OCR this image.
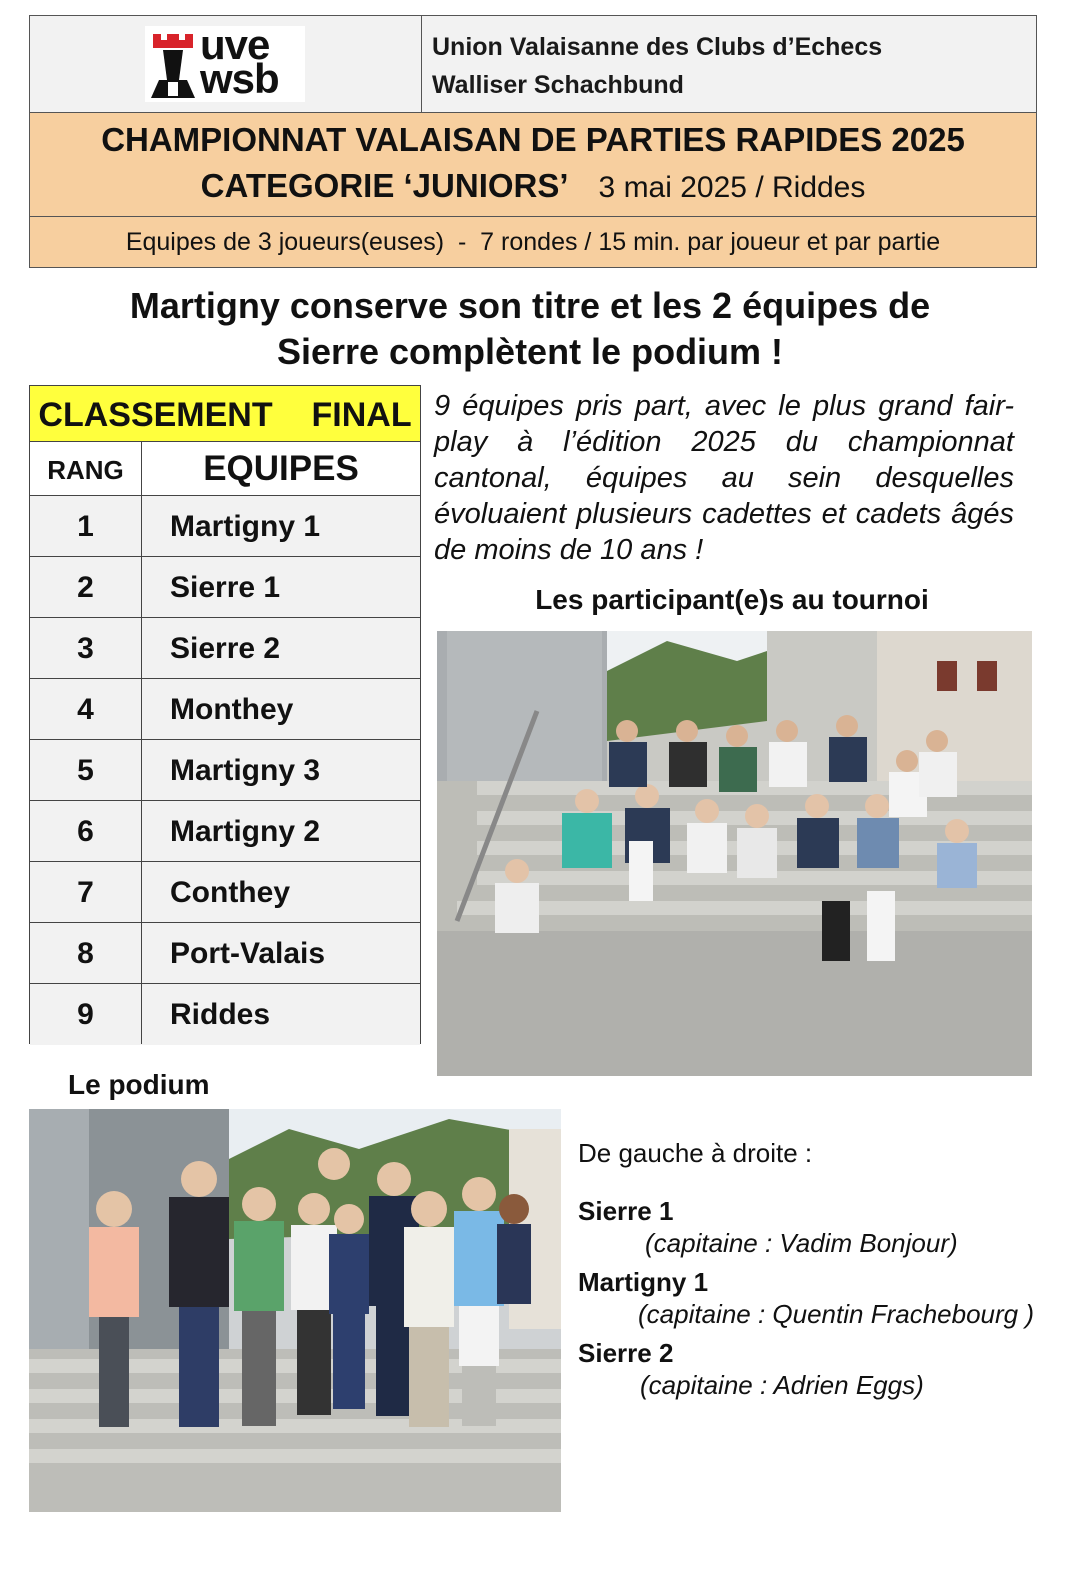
uve
wsb
Union Valaisanne des Clubs d’Echecs
Walliser Schachbund
CHAMPIONNAT VALAISAN DE PARTIES RAPIDES 2025
CATEGORIE ‘JUNIORS’ 3 mai 2025 / Riddes
Equipes de 3 joueurs(euses)  -  7 rondes / 15 min. par joueur et par partie
Martigny conserve son titre et les 2 équipes de
Sierre complètent le podium !
CLASSEMENT  FINAL
RANG	EQUIPES
1	Martigny 1
2	Sierre 1
3	Sierre 2
4	Monthey
5	Martigny 3
6	Martigny 2
7	Conthey
8	Port-Valais
9	Riddes
9 équipes pris part, avec le plus grand fair-play à l’édition 2025 du championnat cantonal, équipes au sein desquelles évoluaient plusieurs cadettes et cadets âgés de moins de 10 ans !
Les participant(e)s au tournoi
Le podium
De gauche à droite :
Sierre 1
(capitaine : Vadim Bonjour)
Martigny 1
(capitaine : Quentin Frachebourg )
Sierre 2
(capitaine : Adrien Eggs)
